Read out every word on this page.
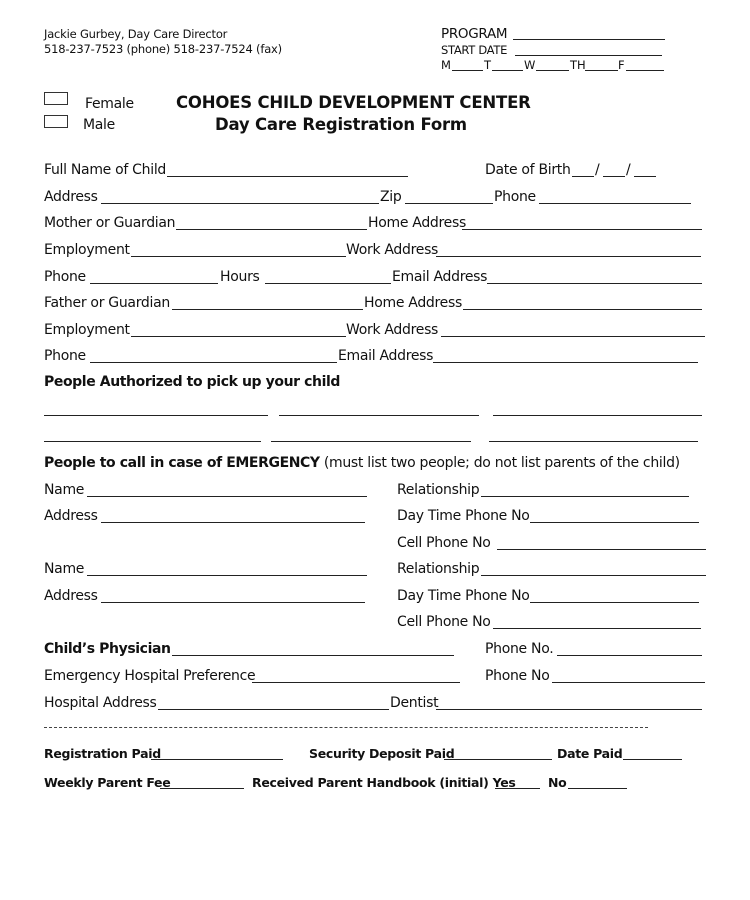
Jackie Gurbey, Day Care Director
518-237-7523 (phone) 518-237-7524 (fax)
PROGRAM
START DATE
M	T	W	TH	F
Female
Male
COHOES CHILD DEVELOPMENT CENTER
Day Care Registration Form
Full Name of Child	Date of Birth / /
Address	Zip	Phone
Mother or Guardian	Home Address
Employment	Work Address
Phone	Hours	Email Address
Father or Guardian	Home Address
Employment	Work Address
Phone	Email Address
People Authorized to pick up your child
People to call in case of EMERGENCY (must list two people; do not list parents of the child)
Name	Relationship
Address	Day Time Phone No
Cell Phone No
Name	Relationship
Address	Day Time Phone No
Cell Phone No
Child’s Physician	Phone No.
Emergency Hospital Preference	Phone No
Hospital Address	Dentist
Registration Paid	Security Deposit Paid	Date Paid
Weekly Parent Fee	Received Parent Handbook (initial) Yes	No
